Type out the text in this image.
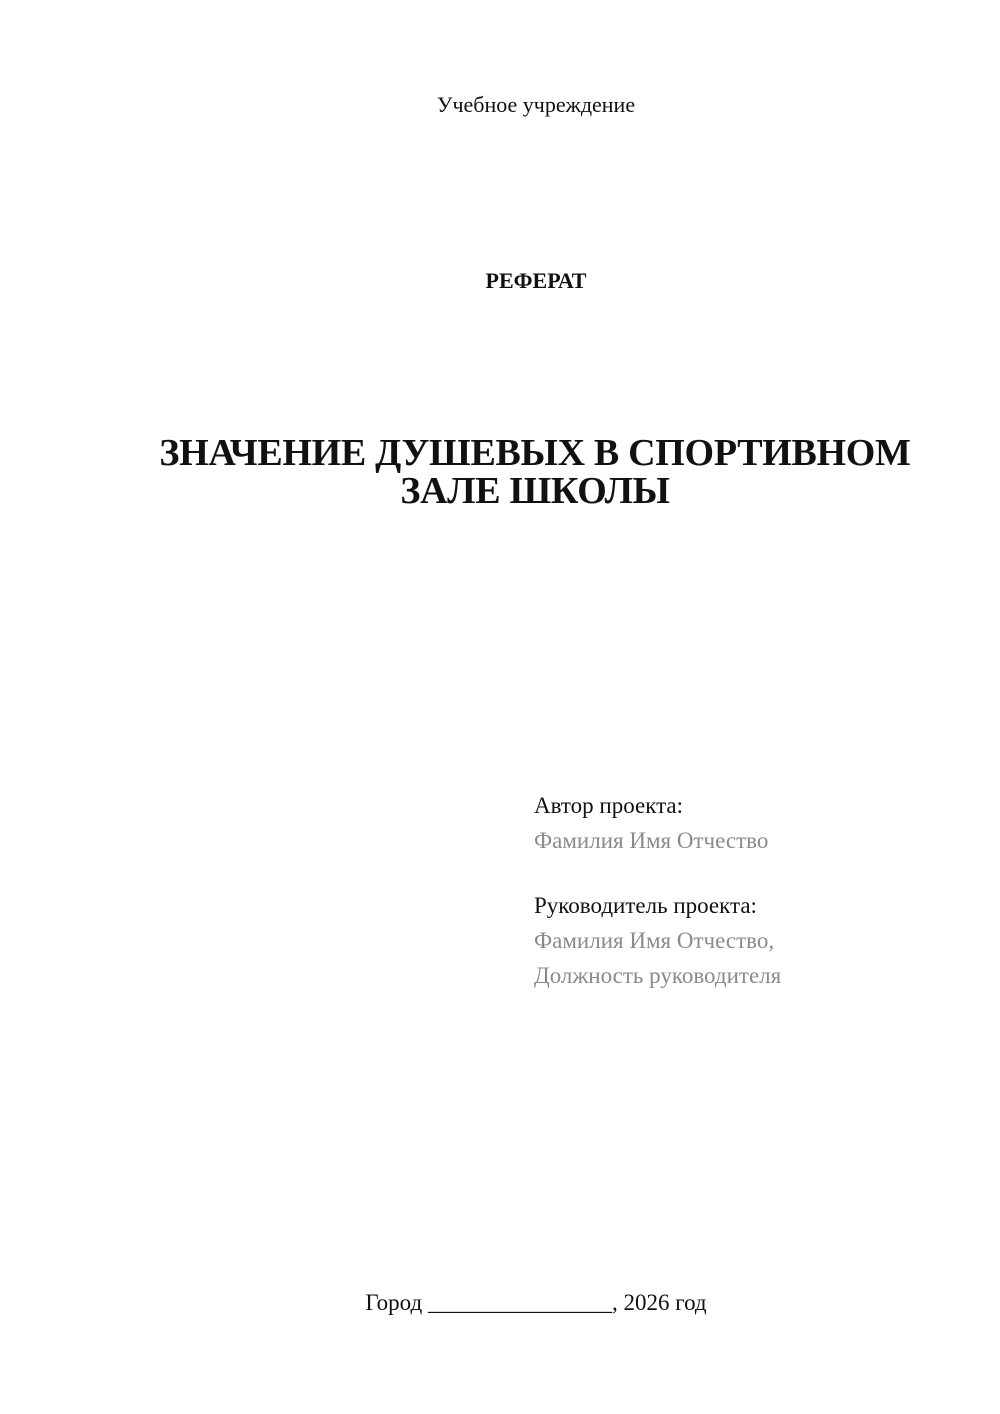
Учебное учреждение
РЕФЕРАТ
ЗНАЧЕНИЕ ДУШЕВЫХ В СПОРТИВНОМ
ЗАЛЕ ШКОЛЫ
Автор проекта:
Фамилия Имя Отчество
Руководитель проекта:
Фамилия Имя Отчество,
Должность руководителя
Город ________________, 2026 год
